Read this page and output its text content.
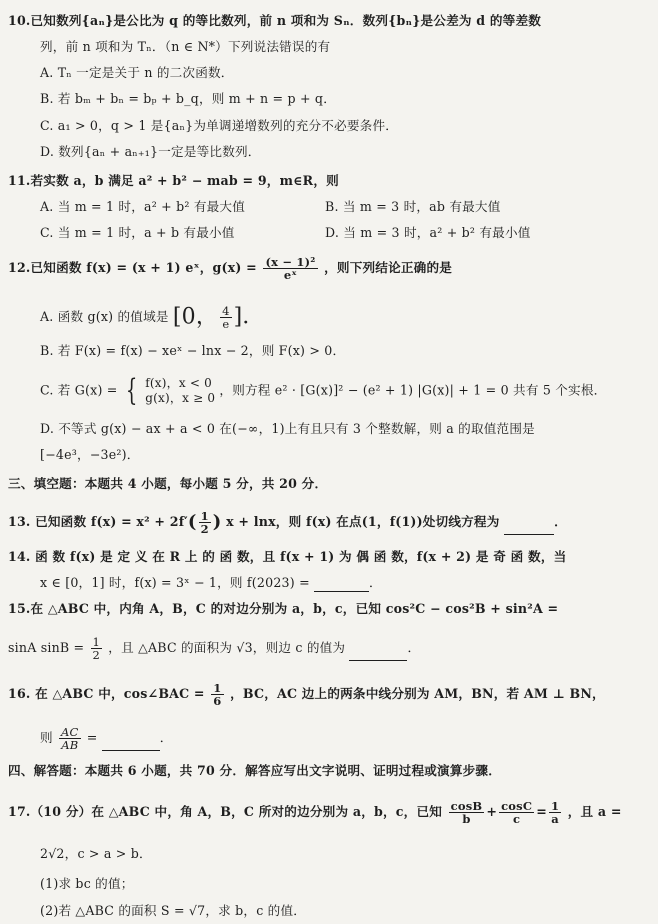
10.已知数列{aₙ}是公比为 q 的等比数列，前 n 项和为 Sₙ．数列{bₙ}是公差为 d 的等差数
列，前 n 项和为 Tₙ．（n ∈ N*）下列说法错误的有
A. Tₙ 一定是关于 n 的二次函数．
B. 若 bₘ + bₙ = bₚ + b_q，则 m + n = p + q．
C. a₁ > 0，q > 1 是{aₙ}为单调递增数列的充分不必要条件．
D. 数列{aₙ + aₙ₊₁}一定是等比数列．
11.若实数 a，b 满足 a² + b² − mab = 9，m∈R，则
A. 当 m = 1 时，a² + b² 有最大值	B. 当 m = 3 时，ab 有最大值
C. 当 m = 1 时，a + b 有最小值	D. 当 m = 3 时，a² + b² 有最小值
12.已知函数 f(x) = (x + 1) eˣ，$g(x) = \frac{\text{(x − 1)²}}{\text{eˣ}}$ ，则下列结论正确的是
A. 函数 g(x) 的值域是 [0， $\frac{4}{e}$ ]．
B. 若 F(x) = f(x) − xeˣ − lnx − 2，则 F(x) > 0．
C. 若 G(x) = { f(x)，x < 0
g(x)，x ≥ 0
，则方程 e² · [G(x)]² − (e² + 1) |G(x)| + 1 = 0 共有 5 个实根．
D. 不等式 g(x) − ax + a < 0 在(−∞，1)上有且只有 3 个整数解，则 a 的取值范围是
[−4e³，−3e²)．
三、填空题：本题共 4 小题，每小题 5 分，共 20 分．
13. 已知函数 $f(x) = x^2 + 2f'( \frac{1}{2}$ ) x + lnx，则 f(x) 在点(1，f(1))处切线方程为	．
14. 函 数 f(x) 是 定 义 在 R 上 的 函 数，且 f(x + 1) 为 偶 函 数，f(x + 2) 是 奇 函 数，当
x ∈ [0，1] 时，f(x) = 3ˣ − 1，则 f(2023) =	．
15.在 △ABC 中，内角 A，B，C 的对边分别为 a，b，c，已知 cos²C − cos²B + sin²A =
sinA $\sin B = \frac{1}{2}$ ，且 △ABC 的面积为 √3，则边 c 的值为	．
16. 在 △ABC 中，cos∠BAC = $\frac{1}{6}$ ，BC，AC 边上的两条中线分别为 AM，BN，若 AM ⊥ BN，
则 $\frac{AC}{AB}$ =	．
四、解答题：本题共 6 小题，共 70 分．解答应写出文字说明、证明过程或演算步骤．
17.（10 分）在 △ABC 中，角 A，B，C 所对的边分别为 a，b，c，已知 $\frac{\cos B}{b} + \frac{\cos C}{c} = \frac{1}{a}$ ，且 a =
2√2，c > a > b．
(1)求 bc 的值；
(2)若 △ABC 的面积 S = √7，求 b，c 的值．
